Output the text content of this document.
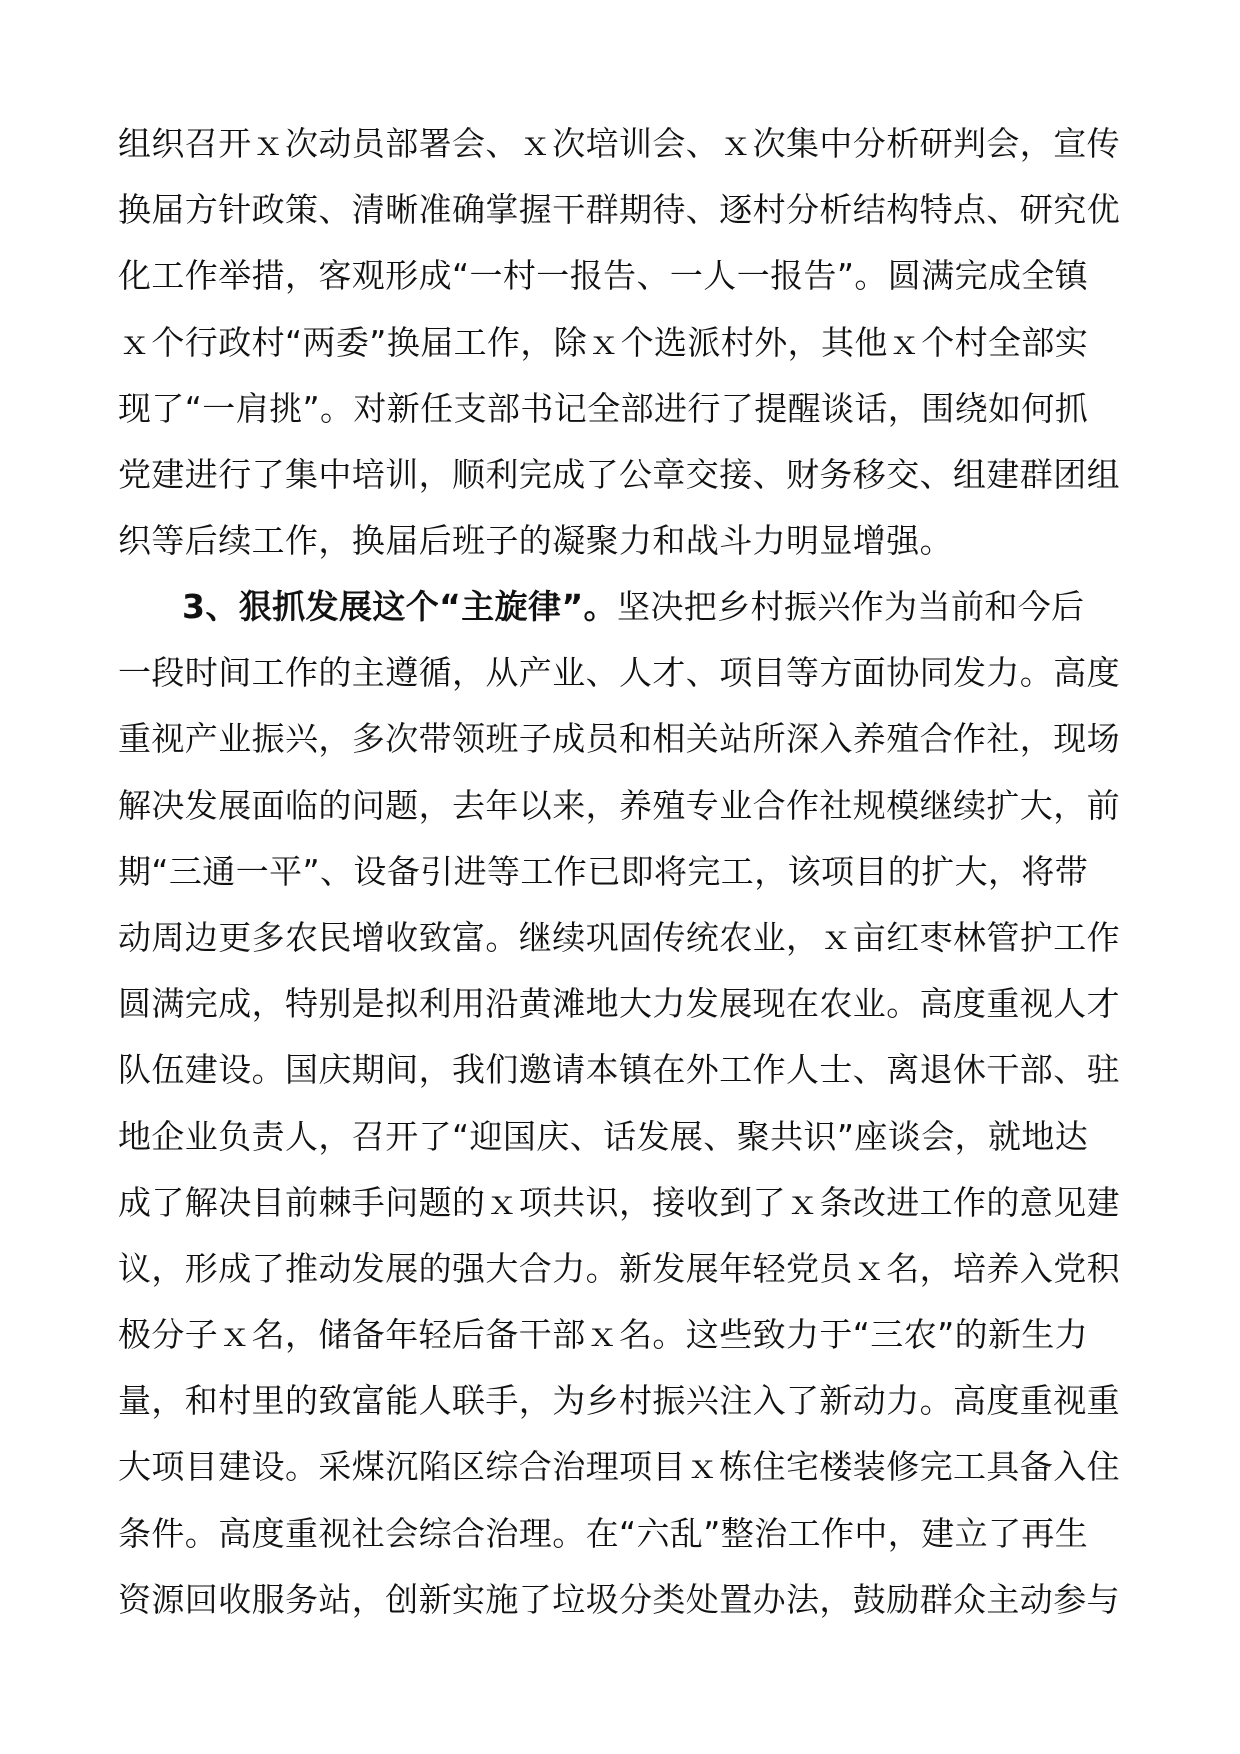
组织召开ｘ次动员部署会、ｘ次培训会、ｘ次集中分析研判会，宣传
换届方针政策、清晰准确掌握干群期待、逐村分析结构特点、研究优
化工作举措，客观形成“一村一报告、一人一报告”。圆满完成全镇
ｘ个行政村“两委”换届工作，除ｘ个选派村外，其他ｘ个村全部实
现了“一肩挑”。对新任支部书记全部进行了提醒谈话，围绕如何抓
党建进行了集中培训，顺利完成了公章交接、财务移交、组建群团组
织等后续工作，换届后班子的凝聚力和战斗力明显增强。
3、狠抓发展这个“主旋律”。坚决把乡村振兴作为当前和今后
一段时间工作的主遵循，从产业、人才、项目等方面协同发力。高度
重视产业振兴，多次带领班子成员和相关站所深入养殖合作社，现场
解决发展面临的问题，去年以来，养殖专业合作社规模继续扩大，前
期“三通一平”、设备引进等工作已即将完工，该项目的扩大，将带
动周边更多农民增收致富。继续巩固传统农业，ｘ亩红枣林管护工作
圆满完成，特别是拟利用沿黄滩地大力发展现在农业。高度重视人才
队伍建设。国庆期间，我们邀请本镇在外工作人士、离退休干部、驻
地企业负责人，召开了“迎国庆、话发展、聚共识”座谈会，就地达
成了解决目前棘手问题的ｘ项共识，接收到了ｘ条改进工作的意见建
议，形成了推动发展的强大合力。新发展年轻党员ｘ名，培养入党积
极分子ｘ名，储备年轻后备干部ｘ名。这些致力于“三农”的新生力
量，和村里的致富能人联手，为乡村振兴注入了新动力。高度重视重
大项目建设。采煤沉陷区综合治理项目ｘ栋住宅楼装修完工具备入住
条件。高度重视社会综合治理。在“六乱”整治工作中，建立了再生
资源回收服务站，创新实施了垃圾分类处置办法，鼓励群众主动参与
